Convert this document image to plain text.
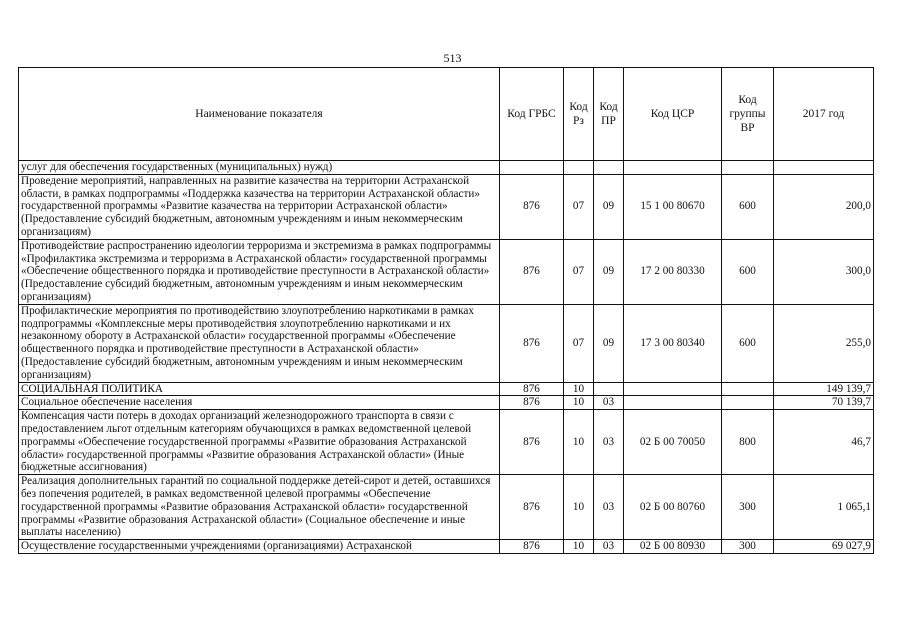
513
Наименование показателя	Код ГРБС	Код Рз	Код ПР	Код ЦСР	Код группы ВР	2017 год
услуг для обеспечения государственных (муниципальных) нужд)						
Проведение мероприятий, направленных на развитие казачества на территории Астраханской области, в рамках подпрограммы «Поддержка казачества на территории Астраханской области» государственной программы «Развитие казачества на территории Астраханской области» (Предоставление субсидий бюджетным, автономным учреждениям и иным некоммерческим организациям)	876	07	09	15 1 00 80670	600	200,0
Противодействие распространению идеологии терроризма и экстремизма в рамках подпрограммы «Профилактика экстремизма и терроризма в Астраханской области» государственной программы «Обеспечение общественного порядка и противодействие преступности в Астраханской области» (Предоставление субсидий бюджетным, автономным учреждениям и иным некоммерческим организациям)	876	07	09	17 2 00 80330	600	300,0
Профилактические мероприятия по противодействию злоупотреблению наркотиками в рамках подпрограммы «Комплексные меры противодействия злоупотреблению наркотиками и их незаконному обороту в Астраханской области» государственной программы «Обеспечение общественного порядка и противодействие преступности в Астраханской области» (Предоставление субсидий бюджетным, автономным учреждениям и иным некоммерческим организациям)	876	07	09	17 3 00 80340	600	255,0
СОЦИАЛЬНАЯ ПОЛИТИКА	876	10				149 139,7
Социальное обеспечение населения	876	10	03			70 139,7
Компенсация части потерь в доходах организаций железнодорожного транспорта в связи с предоставлением льгот отдельным категориям обучающихся в рамках ведомственной целевой программы «Обеспечение государственной программы «Развитие образования Астраханской области» государственной программы «Развитие образования Астраханской области» (Иные бюджетные ассигнования)	876	10	03	02 Б 00 70050	800	46,7
Реализация дополнительных гарантий по социальной поддержке детей-сирот и детей, оставшихся без попечения родителей, в рамках ведомственной целевой программы «Обеспечение государственной программы «Развитие образования Астраханской области» государственной программы «Развитие образования Астраханской области» (Социальное обеспечение и иные выплаты населению)	876	10	03	02 Б 00 80760	300	1 065,1
Осуществление государственными учреждениями (организациями) Астраханской	876	10	03	02 Б 00 80930	300	69 027,9
